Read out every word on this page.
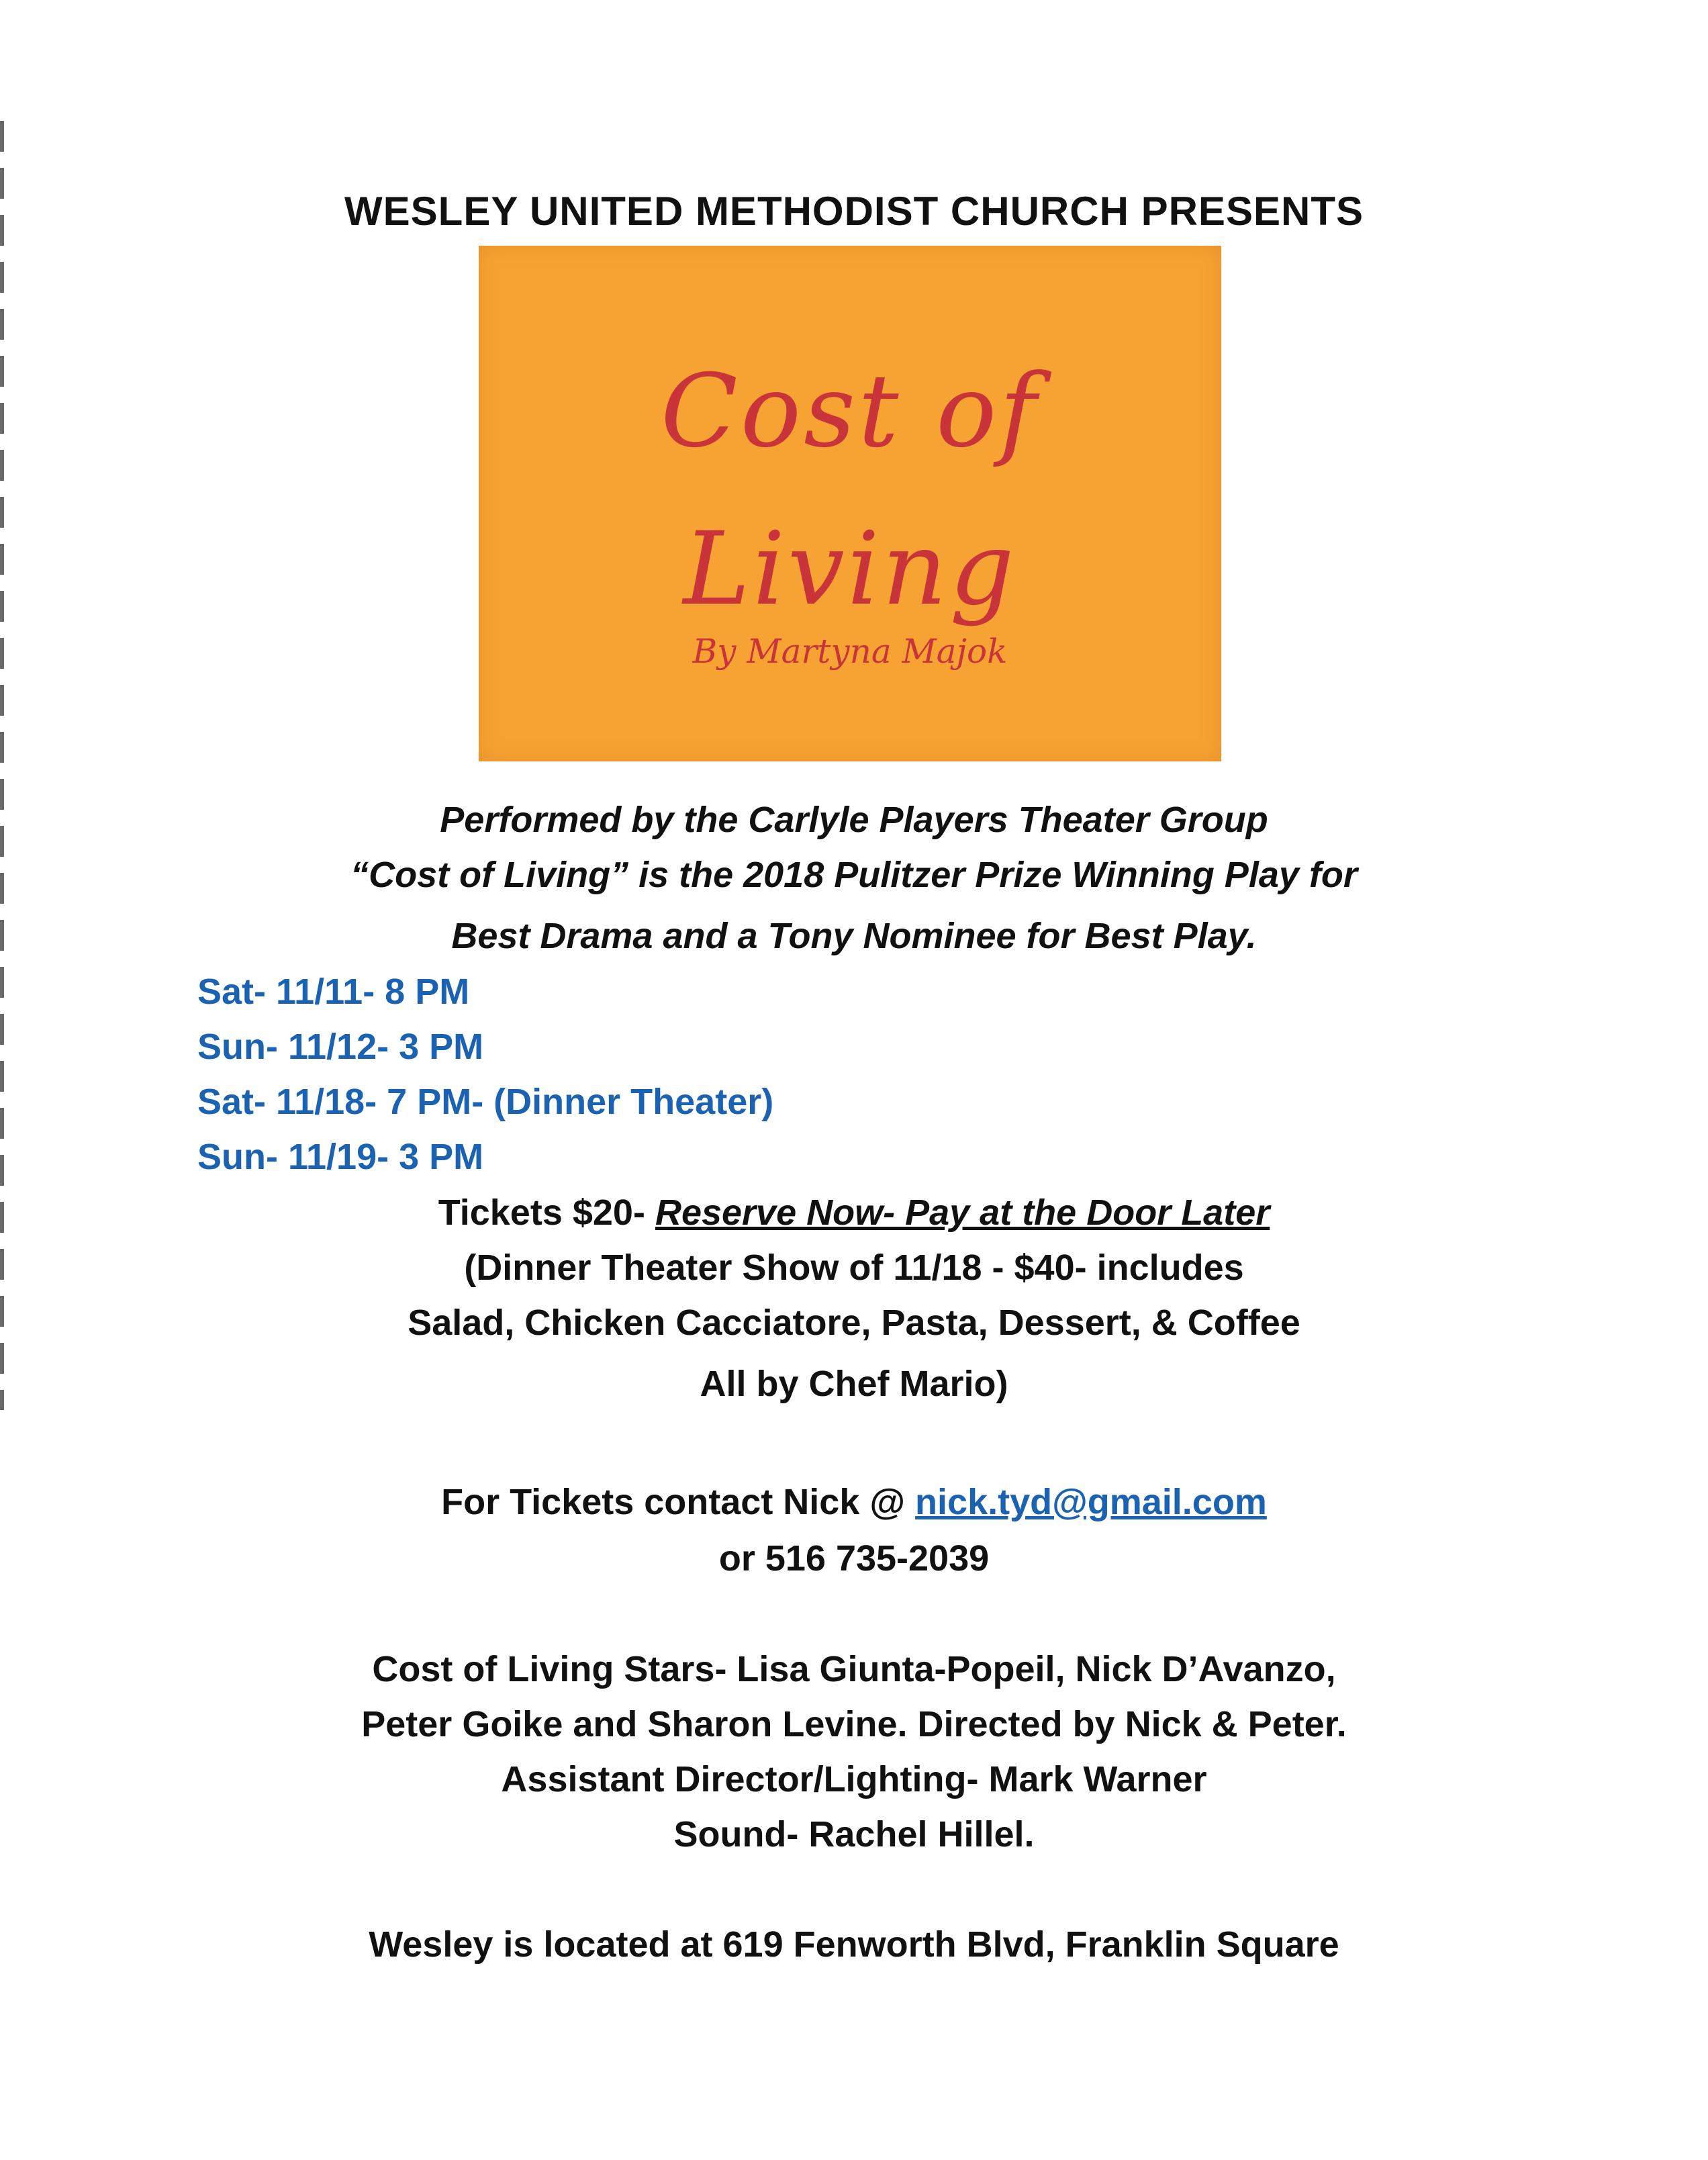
WESLEY UNITED METHODIST CHURCH PRESENTS
Cost of
Living
By Martyna Majok
Performed by the Carlyle Players Theater Group
“Cost of Living” is the 2018 Pulitzer Prize Winning Play for
Best Drama and a Tony Nominee for Best Play.
Sat- 11/11- 8 PM
Sun- 11/12- 3 PM
Sat- 11/18- 7 PM- (Dinner Theater)
Sun- 11/19- 3 PM
Tickets $20- Reserve Now- Pay at the Door Later
(Dinner Theater Show of 11/18 - $40- includes
Salad, Chicken Cacciatore, Pasta, Dessert, & Coffee
All by Chef Mario)
For Tickets contact Nick @ nick.tyd@gmail.com
or 516 735-2039
Cost of Living Stars- Lisa Giunta-Popeil, Nick D’Avanzo,
Peter Goike and Sharon Levine. Directed by Nick & Peter.
Assistant Director/Lighting- Mark Warner
Sound- Rachel Hillel.
Wesley is located at 619 Fenworth Blvd, Franklin Square
